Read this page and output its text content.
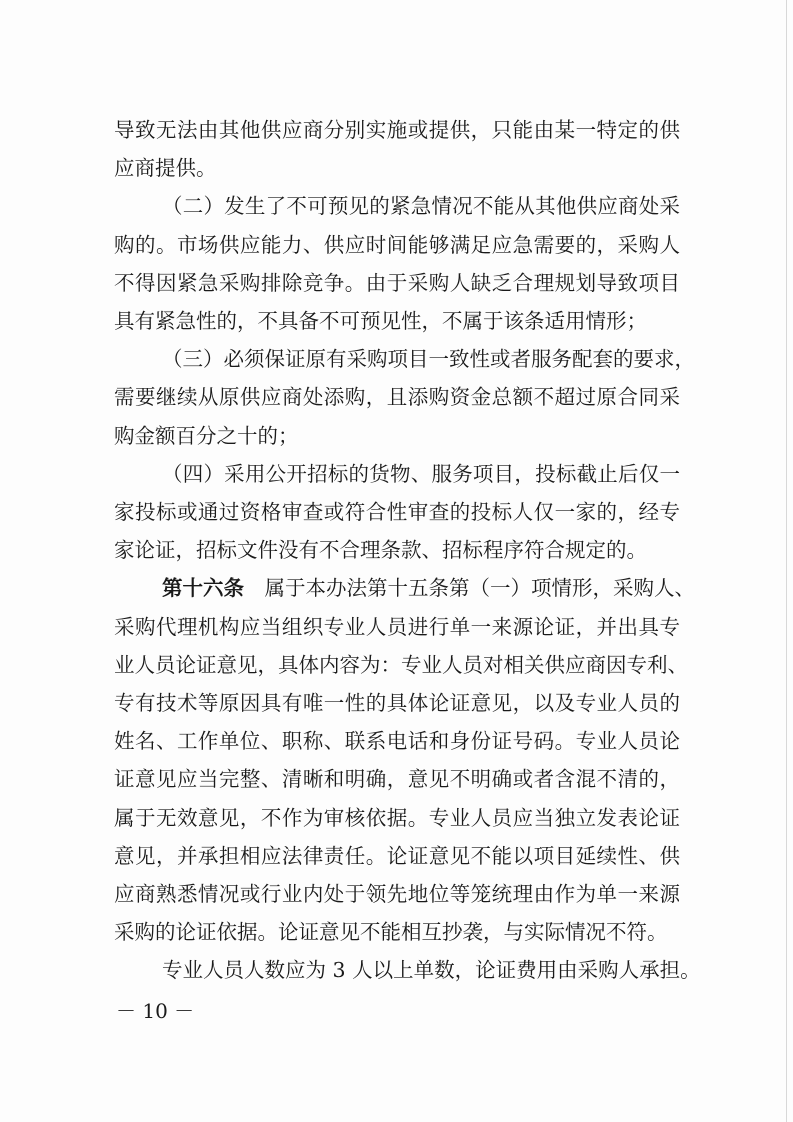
导致无法由其他供应商分别实施或提供，只能由某一特定的供
应商提供。
（二）发生了不可预见的紧急情况不能从其他供应商处采
购的。市场供应能力、供应时间能够满足应急需要的，采购人
不得因紧急采购排除竞争。由于采购人缺乏合理规划导致项目
具有紧急性的，不具备不可预见性，不属于该条适用情形；
（三）必须保证原有采购项目一致性或者服务配套的要求，
需要继续从原供应商处添购，且添购资金总额不超过原合同采
购金额百分之十的；
（四）采用公开招标的货物、服务项目，投标截止后仅一
家投标或通过资格审查或符合性审查的投标人仅一家的，经专
家论证，招标文件没有不合理条款、招标程序符合规定的。
第十六条　 属于本办法第十五条第（一）项情形，采购人、
采购代理机构应当组织专业人员进行单一来源论证，并出具专
业人员论证意见，具体内容为：专业人员对相关供应商因专利、
专有技术等原因具有唯一性的具体论证意见，以及专业人员的
姓名、工作单位、职称、联系电话和身份证号码。专业人员论
证意见应当完整、清晰和明确，意见不明确或者含混不清的，
属于无效意见，不作为审核依据。专业人员应当独立发表论证
意见，并承担相应法律责任。论证意见不能以项目延续性、供
应商熟悉情况或行业内处于领先地位等笼统理由作为单一来源
采购的论证依据。论证意见不能相互抄袭，与实际情况不符。
专业人员人数应为 3 人以上单数，论证费用由采购人承担。
－ 10 －
